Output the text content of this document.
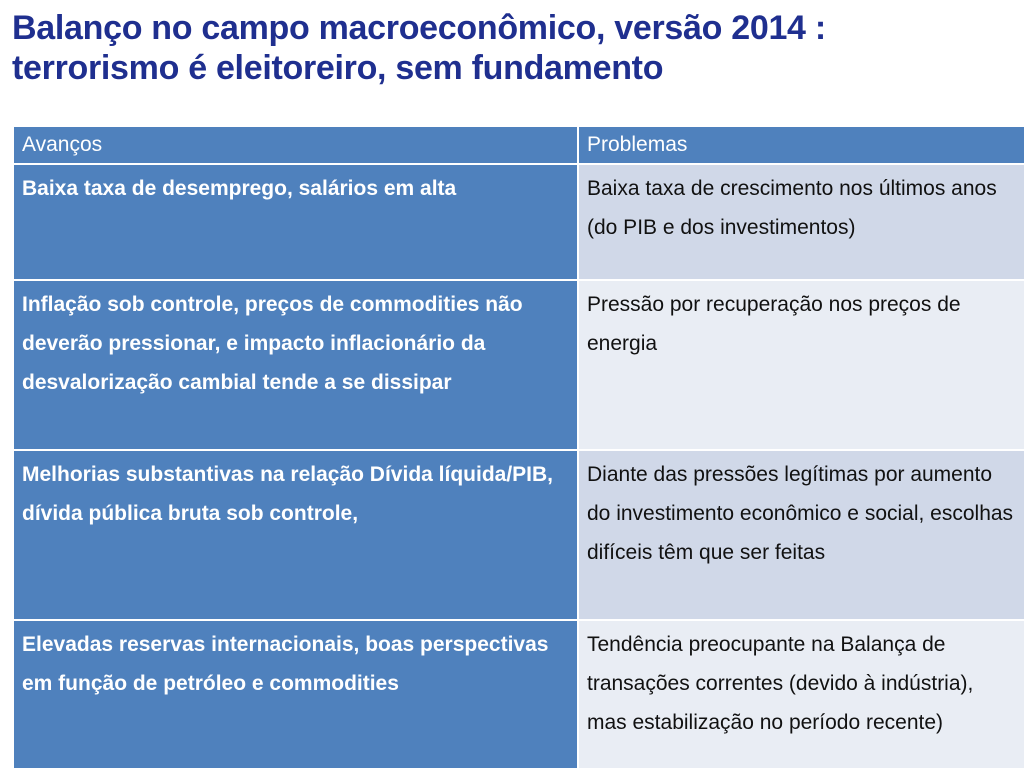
Balanço no campo macroeconômico, versão 2014 :
terrorismo é eleitoreiro, sem fundamento
Avanços	Problemas
Baixa taxa de desemprego, salários em alta	Baixa taxa de crescimento nos últimos anos (do PIB e dos investimentos)
Inflação sob controle, preços de commodities não deverão pressionar, e impacto inflacionário da desvalorização cambial tende a se dissipar	Pressão por recuperação nos preços de energia
Melhorias substantivas na relação Dívida líquida/PIB, dívida pública bruta sob controle,	Diante das pressões legítimas por aumento do investimento econômico e social, escolhas difíceis têm que ser feitas
Elevadas reservas internacionais, boas perspectivas em função de petróleo e commodities	Tendência preocupante na Balança de transações correntes (devido à indústria), mas estabilização no período recente)
